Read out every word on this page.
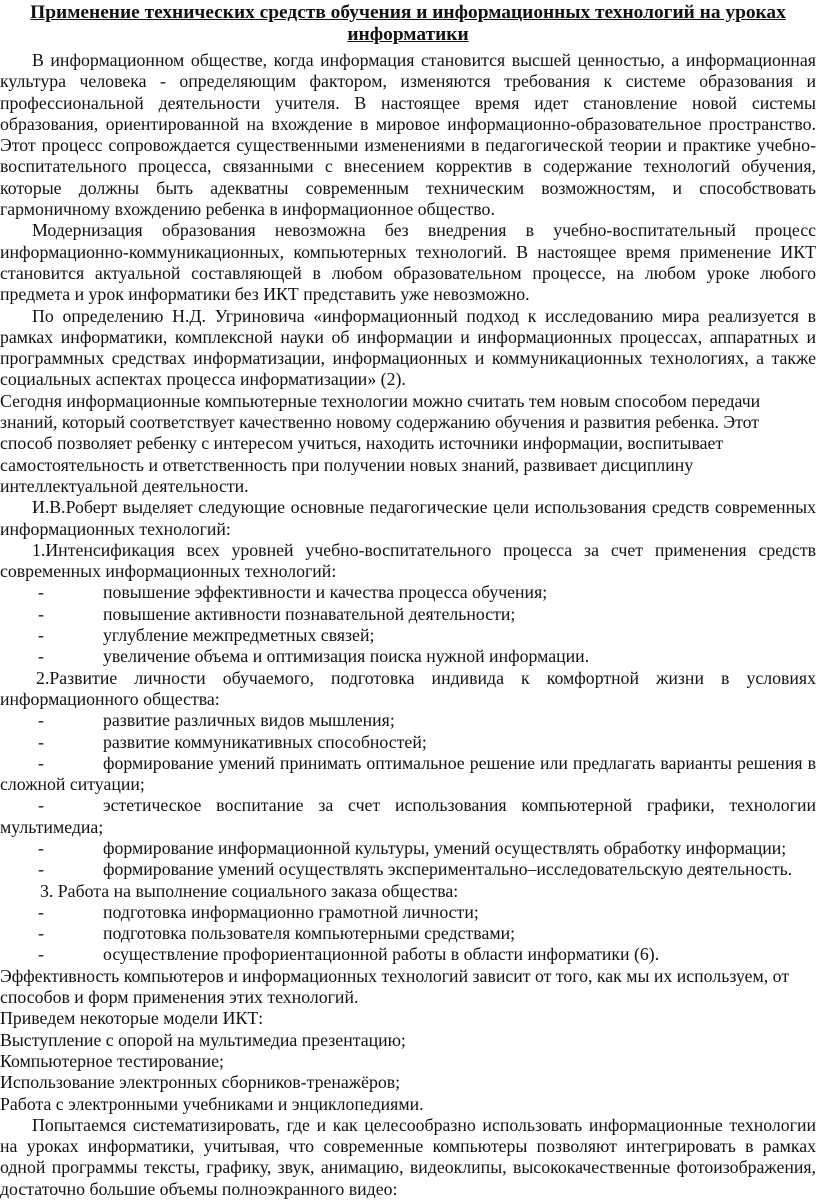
Применение технических средств обучения и информационных технологий на уроках информатики

В информационном обществе, когда информация становится высшей ценностью, а информационная культура человека - определяющим фактором, изменяются требования к системе образования и профессиональной деятельности учителя. В настоящее время идет становление новой системы образования, ориентированной на вхождение в мировое информационно-образовательное пространство. Этот процесс сопровождается существенными изменениями в педагогической теории и практике учебно-воспитательного процесса, связанными с внесением корректив в содержание технологий обучения, которые должны быть адекватны современным техническим возможностям, и способствовать гармоничному вхождению ребенка в информационное общество.

Модернизация образования невозможна без внедрения в учебно-воспитательный процесс информационно-коммуникационных, компьютерных технологий. В настоящее время применение ИКТ становится актуальной составляющей в любом образовательном процессе, на любом уроке любого предмета и урок информатики без ИКТ представить уже невозможно.

По определению Н.Д. Угриновича «информационный подход к исследованию мира реализуется в рамках информатики, комплексной науки об информации и информационных процессах, аппаратных и программных средствах информатизации, информационных и коммуникационных технологиях, а также социальных аспектах процесса информатизации» (2).

Сегодня информационные компьютерные технологии можно считать тем новым способом передачи знаний, который соответствует качественно новому содержанию обучения и развития ребенка. Этот способ позволяет ребенку с интересом учиться, находить источники информации, воспитывает самостоятельность и ответственность при получении новых знаний, развивает дисциплину интеллектуальной деятельности.

И.В.Роберт выделяет следующие основные педагогические цели использования средств современных информационных технологий:

1.Интенсификация всех уровней учебно-воспитательного процесса за счет применения средств современных информационных технологий:

-	повышение эффективности и качества процесса обучения;
-	повышение активности познавательной деятельности;
-	углубление межпредметных связей;
-	увеличение объема и оптимизация поиска нужной информации.

2.Развитие личности обучаемого, подготовка индивида к комфортной жизни в условиях информационного общества:

-	развитие различных видов мышления;
-	развитие коммуникативных способностей;

-	формирование умений принимать оптимальное решение или предлагать варианты решения в сложной ситуации;

-	эстетическое воспитание за счет использования компьютерной графики, технологии мультимедиа;

-	формирование информационной культуры, умений осуществлять обработку информации;
-	формирование умений осуществлять экспериментально–исследовательскую деятельность.

3. Работа на выполнение социального заказа общества:

-	подготовка информационно грамотной личности;
-	подготовка пользователя компьютерными средствами;
-	осуществление профориентационной работы в области информатики (6).

Эффективность компьютеров и информационных технологий зависит от того, как мы их используем, от способов и форм применения этих технологий.

Приведем некоторые модели ИКТ:

Выступление с опорой на мультимедиа презентацию;

Компьютерное тестирование;

Использование электронных сборников-тренажёров;

Работа с электронными учебниками и энциклопедиями.

Попытаемся систематизировать, где и как целесообразно использовать информационные технологии на уроках информатики, учитывая, что современные компьютеры позволяют интегрировать в рамках одной программы тексты, графику, звук, анимацию, видеоклипы, высококачественные фотоизображения, достаточно большие объемы полноэкранного видео:
